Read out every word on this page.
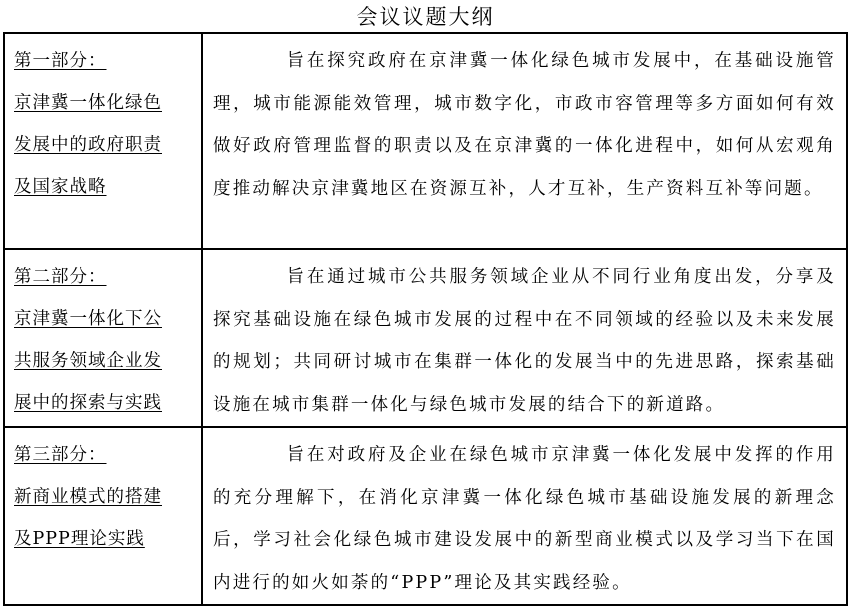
会议议题大纲
第一部分：
京津冀一体化绿色
发展中的政府职责
及国家战略	旨在探究政府在京津冀一体化绿色城市发展中，在基础设施管理，城市能源能效管理，城市数字化，市政市容管理等多方面如何有效做好政府管理监督的职责以及在京津冀的一体化进程中，如何从宏观角度推动解决京津冀地区在资源互补，人才互补，生产资料互补等问题。

第二部分：
京津冀一体化下公
共服务领域企业发
展中的探索与实践	旨在通过城市公共服务领域企业从不同行业角度出发，分享及探究基础设施在绿色城市发展的过程中在不同领域的经验以及未来发展的规划；共同研讨城市在集群一体化的发展当中的先进思路，探索基础设施在城市集群一体化与绿色城市发展的结合下的新道路。

第三部分：
新商业模式的搭建
及PPP理论实践	旨在对政府及企业在绿色城市京津冀一体化发展中发挥的作用的充分理解下，在消化京津冀一体化绿色城市基础设施发展的新理念后，学习社会化绿色城市建设发展中的新型商业模式以及学习当下在国内进行的如火如荼的“PPP”理论及其实践经验。
